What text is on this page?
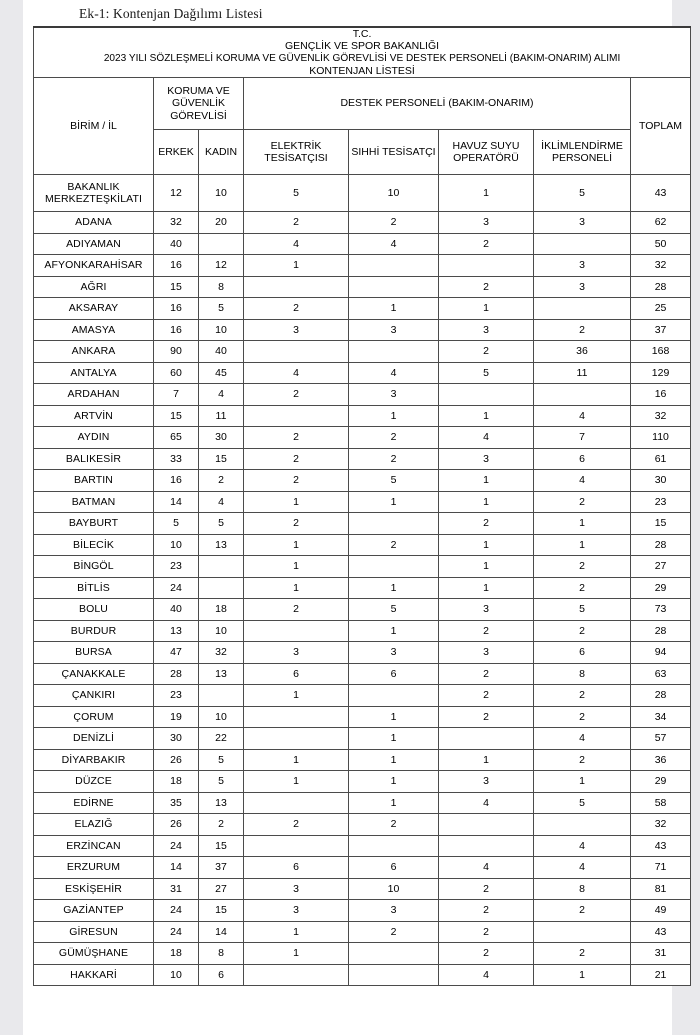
Ek-1: Kontenjan Dağılımı Listesi
T.C.
GENÇLİK VE SPOR BAKANLIĞI
2023 YILI SÖZLEŞMELİ KORUMA VE GÜVENLİK GÖREVLİSİ VE DESTEK PERSONELİ (BAKIM-ONARIM) ALIMI
KONTENJAN LİSTESİ							

BİRİM / İL	KORUMA VE GÜVENLİK GÖREVLİSİ		DESTEK PERSONELİ (BAKIM-ONARIM)				TOPLAM
	ERKEK	KADIN	ELEKTRİK TESİSATÇISI	SIHHİ TESİSATÇI	HAVUZ SUYU OPERATÖRÜ	İKLİMLENDİRME PERSONELİ	
BAKANLIK MERKEZTEŞKİLATI	12	10	5	10	1	5	43
ADANA	32	20	2	2	3	3	62
ADIYAMAN	40		4	4	2		50
AFYONKARAHİSAR	16	12	1			3	32
AĞRI	15	8			2	3	28
AKSARAY	16	5	2	1	1		25
AMASYA	16	10	3	3	3	2	37
ANKARA	90	40			2	36	168
ANTALYA	60	45	4	4	5	11	129
ARDAHAN	7	4	2	3			16
ARTVİN	15	11		1	1	4	32
AYDIN	65	30	2	2	4	7	110
BALIKESİR	33	15	2	2	3	6	61
BARTIN	16	2	2	5	1	4	30
BATMAN	14	4	1	1	1	2	23
BAYBURT	5	5	2		2	1	15
BİLECİK	10	13	1	2	1	1	28
BİNGÖL	23		1		1	2	27
BİTLİS	24		1	1	1	2	29
BOLU	40	18	2	5	3	5	73
BURDUR	13	10		1	2	2	28
BURSA	47	32	3	3	3	6	94
ÇANAKKALE	28	13	6	6	2	8	63
ÇANKIRI	23		1		2	2	28
ÇORUM	19	10		1	2	2	34
DENİZLİ	30	22		1		4	57
DİYARBAKIR	26	5	1	1	1	2	36
DÜZCE	18	5	1	1	3	1	29
EDİRNE	35	13		1	4	5	58
ELAZIĞ	26	2	2	2			32
ERZİNCAN	24	15				4	43
ERZURUM	14	37	6	6	4	4	71
ESKİŞEHİR	31	27	3	10	2	8	81
GAZİANTEP	24	15	3	3	2	2	49
GİRESUN	24	14	1	2	2		43
GÜMÜŞHANE	18	8	1		2	2	31
HAKKARİ	10	6			4	1	21
